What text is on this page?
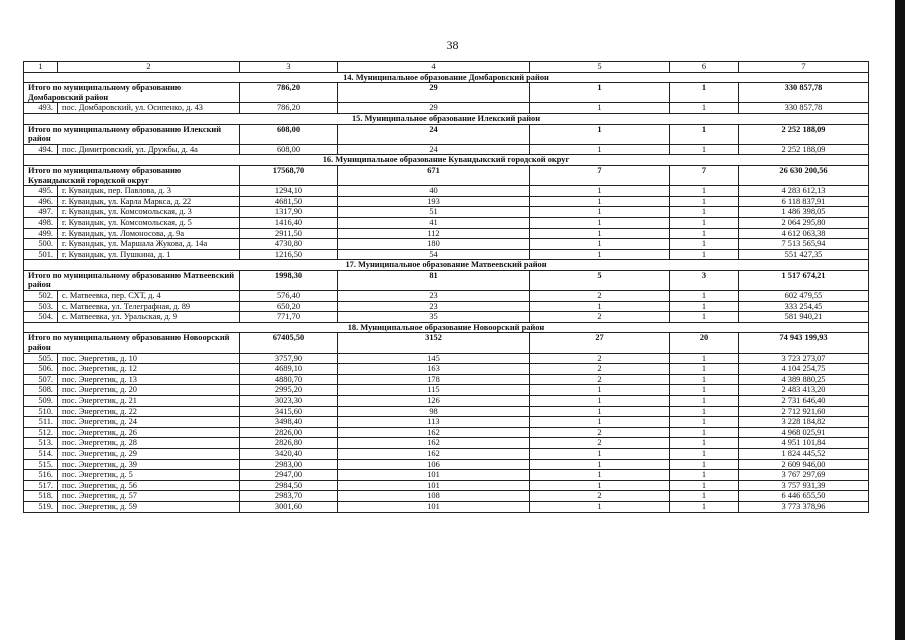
38
1	2	3	4	5	6	7
14. Муниципальное образование Домбаровский район						
Итого по муниципальному образованию Домбаровский район		786,20	29	1	1	330 857,78
493.	пос. Домбаровский, ул. Осипенко, д. 43	786,20	29	1	1	330 857,78
15. Муниципальное образование Илекский район						
Итого по муниципальному образованию Илекский район		608,00	24	1	1	2 252 188,09
494.	пос. Димитровский, ул. Дружбы, д. 4а	608,00	24	1	1	2 252 188,09
16. Муниципальное образование Кувандыкский городской округ						
Итого по муниципальному образованию Кувандыкский городской округ		17568,70	671	7	7	26 630 200,56
495.	г. Кувандык, пер. Павлова, д. 3	1294,10	40	1	1	4 283 612,13
496.	г. Кувандык, ул. Карла Маркса, д. 22	4681,50	193	1	1	6 118 837,91
497.	г. Кувандык, ул. Комсомольская, д. 3	1317,90	51	1	1	1 486 398,05
498.	г. Кувандык, ул. Комсомольская, д. 5	1416,40	41	1	1	2 064 295,80
499.	г. Кувандык, ул. Ломоносова, д. 9а	2911,50	112	1	1	4 612 063,38
500.	г. Кувандык, ул. Маршала Жукова, д. 14а	4730,80	180	1	1	7 513 565,94
501.	г. Кувандык, ул. Пушкина, д. 1	1216,50	54	1	1	551 427,35
17. Муниципальное образование Матвеевский район						
Итого по муниципальному образованию Матвеевский район		1998,30	81	5	3	1 517 674,21
502.	с. Матвеевка, пер. СХТ, д. 4	576,40	23	2	1	602 479,55
503.	с. Матвеевка, ул. Телеграфная, д. 89	650,20	23	1	1	333 254,45
504.	с. Матвеевка, ул. Уральская, д. 9	771,70	35	2	1	581 940,21
18. Муниципальное образование Новоорский район						
Итого по муниципальному образованию Новоорский район		67405,50	3152	27	20	74 943 199,93
505.	пос. Энергетик, д. 10	3757,90	145	2	1	3 723 273,07
506.	пос. Энергетик, д. 12	4689,10	163	2	1	4 104 254,75
507.	пос. Энергетик, д. 13	4880,70	178	2	1	4 389 880,25
508.	пос. Энергетик, д. 20	2995,20	115	1	1	2 483 413,20
509.	пос. Энергетик, д. 21	3023,30	126	1	1	2 731 646,40
510.	пос. Энергетик, д. 22	3415,60	98	1	1	2 712 921,60
511.	пос. Энергетик, д. 24	3498,40	113	1	1	3 228 184,82
512.	пос. Энергетик, д. 26	2826,00	162	2	1	4 968 025,91
513.	пос. Энергетик, д. 28	2826,80	162	2	1	4 951 101,84
514.	пос. Энергетик, д. 29	3420,40	162	1	1	1 824 445,52
515.	пос. Энергетик, д. 39	2983,00	106	1	1	2 609 946,00
516.	пос. Энергетик, д. 5	2947,00	101	1	1	3 767 297,69
517.	пос. Энергетик, д. 56	2984,50	101	1	1	3 757 931,39
518.	пос. Энергетик, д. 57	2983,70	108	2	1	6 446 655,50
519.	пос. Энергетик, д. 59	3001,60	101	1	1	3 773 378,96
